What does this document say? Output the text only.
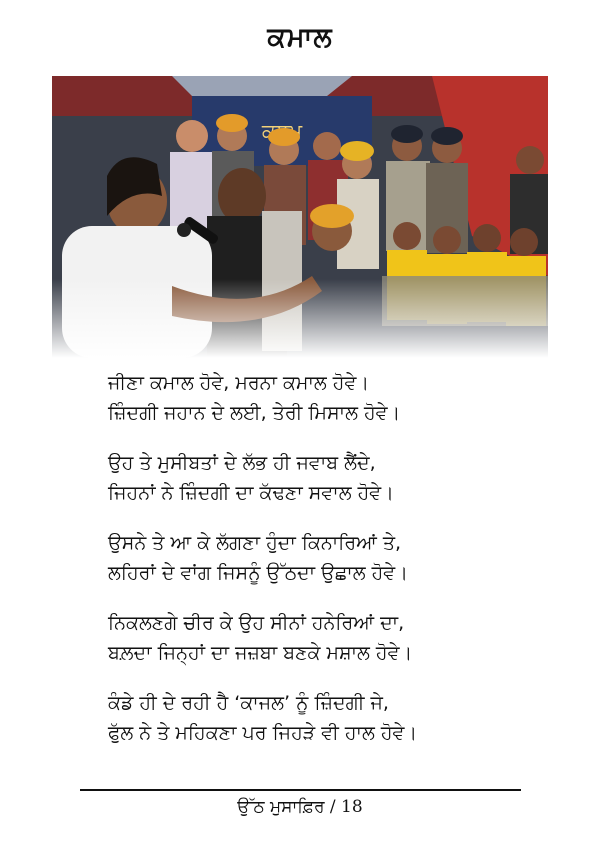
ਕਮਾਲ
ਜੀਣਾ ਕਮਾਲ ਹੋਵੇ, ਮਰਨਾ ਕਮਾਲ ਹੋਵੇ।
ਜ਼ਿੰਦਗੀ ਜਹਾਨ ਦੇ ਲਈ, ਤੇਰੀ ਮਿਸਾਲ ਹੋਵੇ।
ਉਹ ਤੇ ਮੁਸੀਬਤਾਂ ਦੇ ਲੱਭ ਹੀ ਜਵਾਬ ਲੈਂਦੇ,
ਜਿਹਨਾਂ ਨੇ ਜ਼ਿੰਦਗੀ ਦਾ ਕੱਢਣਾ ਸਵਾਲ ਹੋਵੇ।
ਉਸਨੇ ਤੇ ਆ ਕੇ ਲੱਗਣਾ ਹੁੰਦਾ ਕਿਨਾਰਿਆਂ ਤੇ,
ਲਹਿਰਾਂ ਦੇ ਵਾਂਗ ਜਿਸਨੂੰ ਉੱਠਦਾ ਉਛਾਲ ਹੋਵੇ।
ਨਿਕਲਣਗੇ ਚੀਰ ਕੇ ਉਹ ਸੀਨਾਂ ਹਨੇਰਿਆਂ ਦਾ,
ਬਲ਼ਦਾ ਜਿਨ੍ਹਾਂ ਦਾ ਜਜ਼ਬਾ ਬਣਕੇ ਮਸ਼ਾਲ ਹੋਵੇ।
ਕੰਡੇ ਹੀ ਦੇ ਰਹੀ ਹੈ ‘ਕਾਜਲ’ ਨੂੰ ਜ਼ਿੰਦਗੀ ਜੇ,
ਫੁੱਲ ਨੇ ਤੇ ਮਹਿਕਣਾ ਪਰ ਜਿਹੜੇ ਵੀ ਹਾਲ ਹੋਵੇ।
ਉੱਠ ਮੁਸਾਫ਼ਿਰ / 18
